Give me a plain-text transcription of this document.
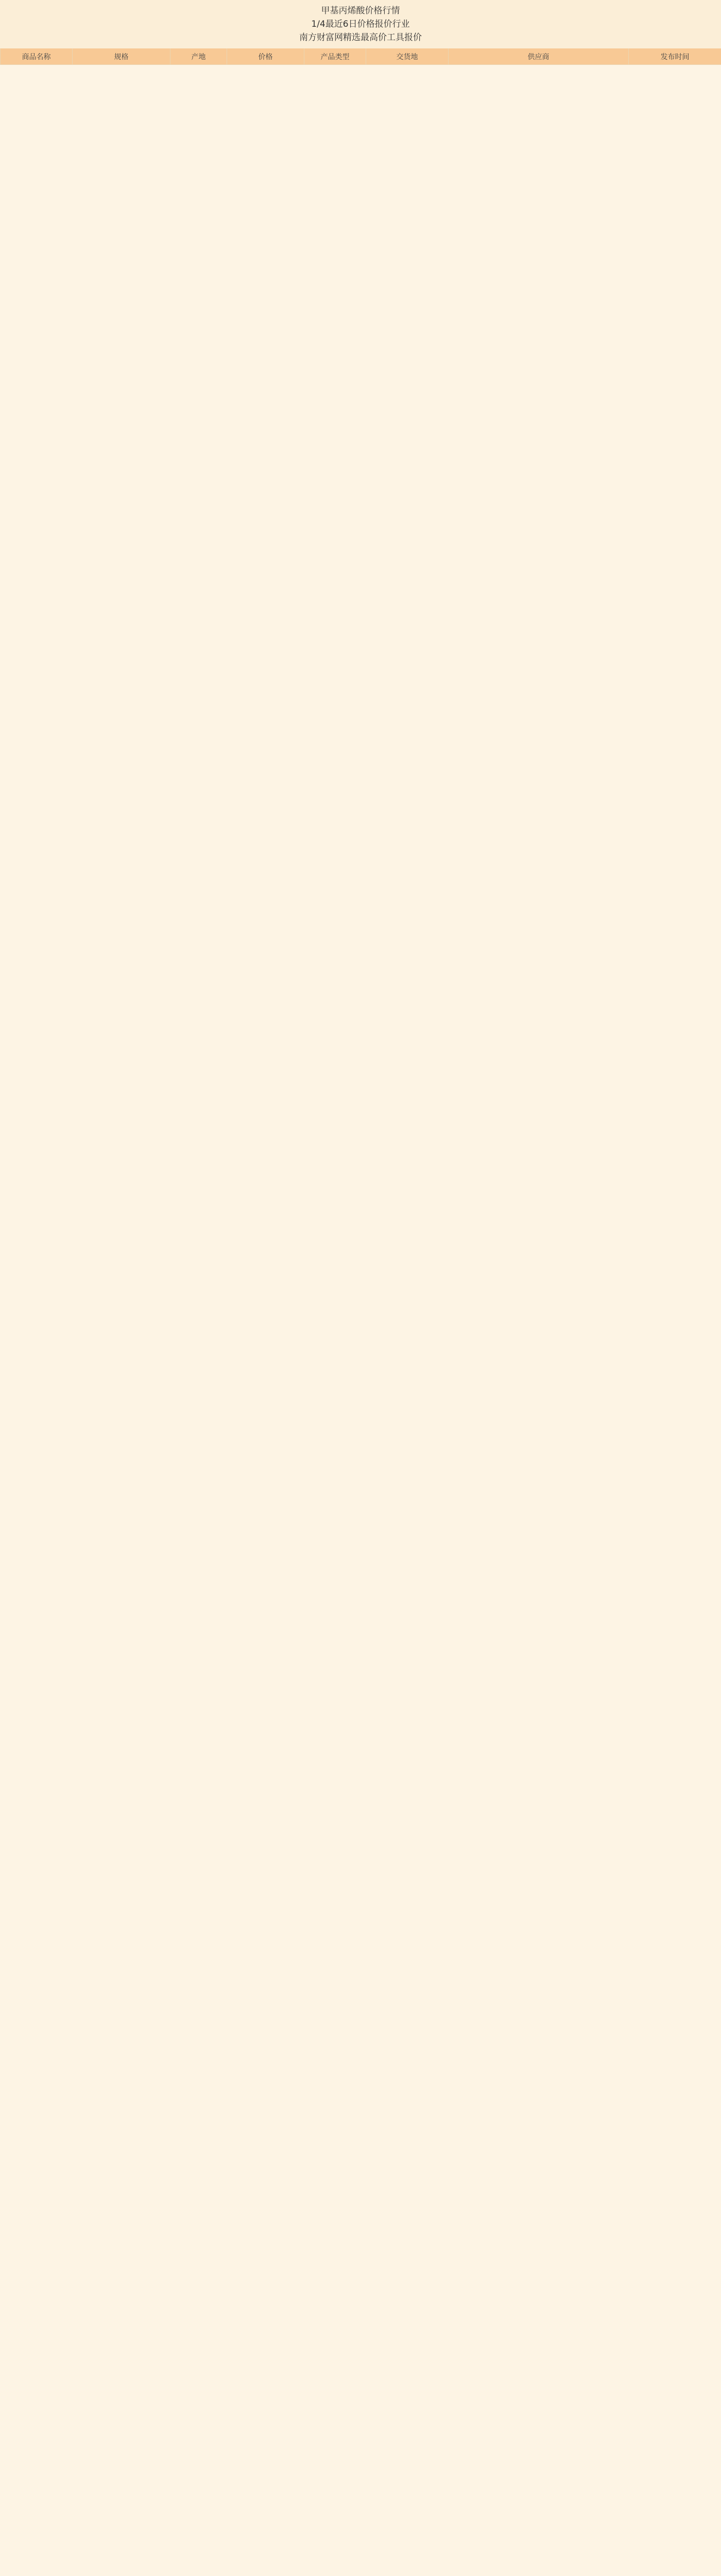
甲基丙烯酸价格行情
1/4最近6日价格报价行业
南方财富网精选最高价工具报价
商品名称	规格	产地	价格	产品类型	交货地	供应商	发布时间
